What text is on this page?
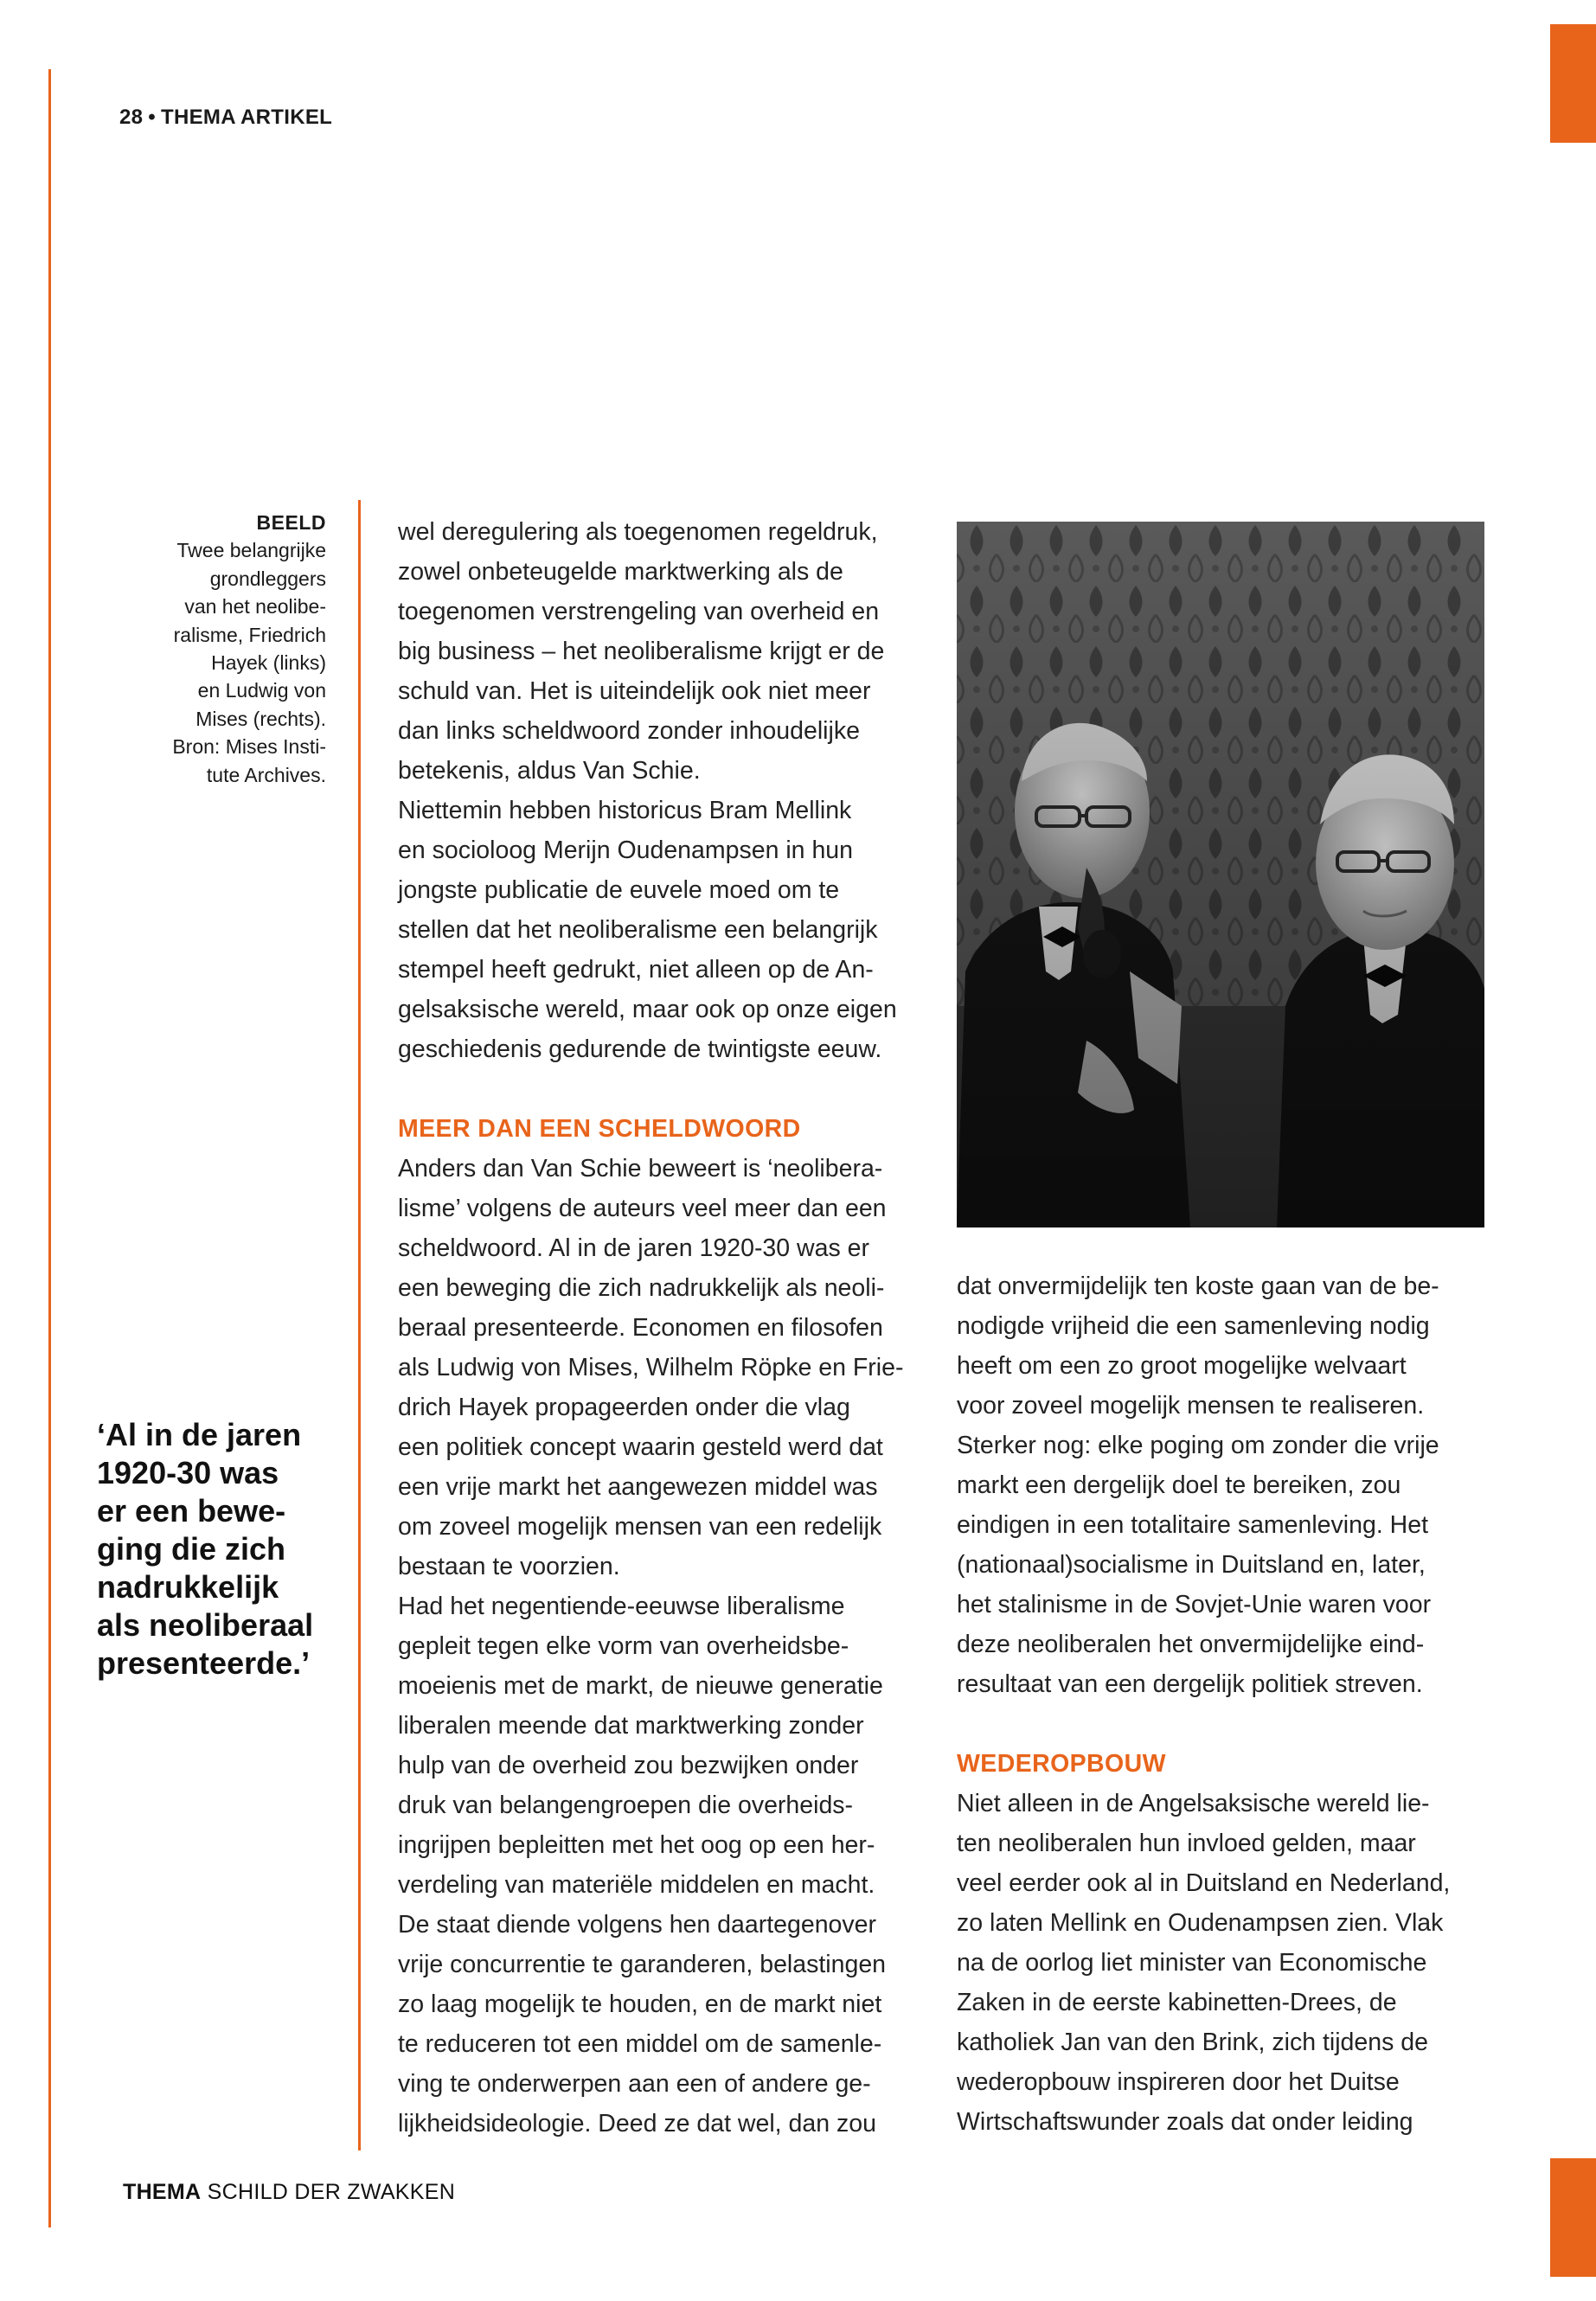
28 • THEMA ARTIKEL
BEELD
Twee belangrijke
grondleggers
van het neolibe-
ralisme, Friedrich
Hayek (links)
en Ludwig von
Mises (rechts).
Bron: Mises Insti-
tute Archives.
‘Al in de jaren
1920-30 was
er een bewe-
ging die zich
nadrukkelijk
als neoliberaal
presenteerde.’

wel deregulering als toegenomen regeldruk,

zowel onbeteugelde marktwerking als de

toegenomen verstrengeling van overheid en

big business – het neoliberalisme krijgt er de

schuld van. Het is uiteindelijk ook niet meer

dan links scheldwoord zonder inhoudelijke

betekenis, aldus Van Schie.

Niettemin hebben historicus Bram Mellink

en socioloog Merijn Oudenampsen in hun

jongste publicatie de euvele moed om te

stellen dat het neoliberalisme een belangrijk

stempel heeft gedrukt, niet alleen op de An-

gelsaksische wereld, maar ook op onze eigen

geschiedenis gedurende de twintigste eeuw.

MEER DAN EEN SCHELDWOORD

Anders dan Van Schie beweert is ‘neolibera-

lisme’ volgens de auteurs veel meer dan een

scheldwoord. Al in de jaren 1920-30 was er

een beweging die zich nadrukkelijk als neoli-

beraal presenteerde. Economen en filosofen

als Ludwig von Mises, Wilhelm Röpke en Frie-

drich Hayek propageerden onder die vlag

een politiek concept waarin gesteld werd dat

een vrije markt het aangewezen middel was

om zoveel mogelijk mensen van een redelijk

bestaan te voorzien.

Had het negentiende-eeuwse liberalisme

gepleit tegen elke vorm van overheidsbe-

moeienis met de markt, de nieuwe generatie

liberalen meende dat marktwerking zonder

hulp van de overheid zou bezwijken onder

druk van belangengroepen die overheids-

ingrijpen bepleitten met het oog op een her-

verdeling van materiële middelen en macht.

De staat diende volgens hen daartegenover

vrije concurrentie te garanderen, belastingen

zo laag mogelijk te houden, en de markt niet

te reduceren tot een middel om de samenle-

ving te onderwerpen aan een of andere ge-

lijkheidsideologie. Deed ze dat wel, dan zou

dat onvermijdelijk ten koste gaan van de be-

nodigde vrijheid die een samenleving nodig

heeft om een zo groot mogelijke welvaart

voor zoveel mogelijk mensen te realiseren.

Sterker nog: elke poging om zonder die vrije

markt een dergelijk doel te bereiken, zou

eindigen in een totalitaire samenleving. Het

(nationaal)socialisme in Duitsland en, later,

het stalinisme in de Sovjet-Unie waren voor

deze neoliberalen het onvermijdelijke eind-

resultaat van een dergelijk politiek streven.

WEDEROPBOUW

Niet alleen in de Angelsaksische wereld lie-

ten neoliberalen hun invloed gelden, maar

veel eerder ook al in Duitsland en Nederland,

zo laten Mellink en Oudenampsen zien. Vlak

na de oorlog liet minister van Economische

Zaken in de eerste kabinetten-Drees, de

katholiek Jan van den Brink, zich tijdens de

wederopbouw inspireren door het Duitse

Wirtschaftswunder zoals dat onder leiding

THEMA SCHILD DER ZWAKKEN
